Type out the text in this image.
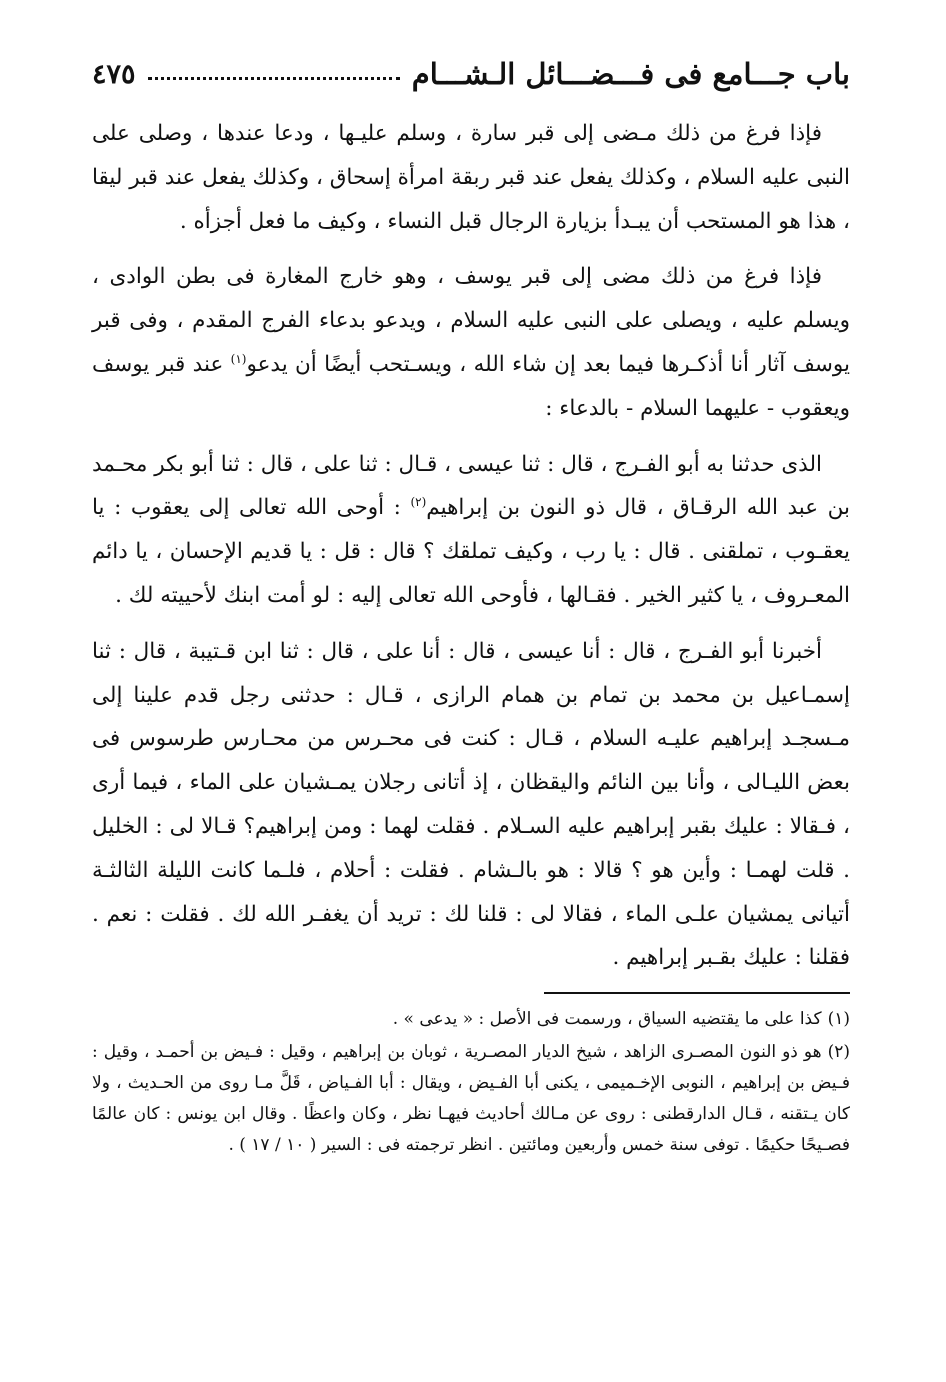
باب جـــامع فى فـــضـــائل الـشـــام
٤٧٥

فإذا فرغ من ذلك مـضى إلى قبر سارة ، وسلم عليـها ، ودعا عندها ، وصلى على النبى عليه السلام ، وكذلك يفعل عند قبر ربقة امرأة إسحاق ، وكذلك يفعل عند قبر ليقا ، هذا هو المستحب أن يبـدأ بزيارة الرجال قبل النساء ، وكيف ما فعل أجزأه .

فإذا فرغ من ذلك مضى إلى قبر يوسف ، وهو خارج المغارة فى بطن الوادى ، ويسلم عليه ، ويصلى على النبى عليه السلام ، ويدعو بدعاء الفرج المقدم ، وفى قبر يوسف آثار أنا أذكـرها فيما بعد إن شاء الله ، ويسـتحب أيضًا أن يدعو$^{(١)}$ عند قبر يوسف ويعقوب - عليهما السلام - بالدعاء :

الذى حدثنا به أبو الفـرج ، قال : ثنا عيسى ، قـال : ثنا على ، قال : ثنا أبو بكر محـمد بن عبد الله الرقـاق ، قال ذو النون بن إبراهيم$^{(٢)}$ : أوحى الله تعالى إلى يعقوب : يا يعقـوب ، تملقنى . قال : يا رب ، وكيف تملقك ؟ قال : قل : يا قديم الإحسان ، يا دائم المعـروف ، يا كثير الخير . فقـالها ، فأوحى الله تعالى إليه : لو أمت ابنك لأحييته لك .

أخبرنا أبو الفـرج ، قال : أنا عيسى ، قال : أنا على ، قال : ثنا ابن قـتيبة ، قال : ثنا إسمـاعيل بن محمد بن تمام بن همام الرازى ، قـال : حدثنى رجل قدم علينا إلى مـسجـد إبراهيم عليـه السلام ، قـال : كنت فى محـرس من محـارس طرسوس فى بعض الليـالى ، وأنا بين النائم واليقظان ، إذ أتانى رجلان يمـشيان على الماء ، فيما أرى ، فـقالا : عليك بقبر إبراهيم عليه السـلام . فقلت لهما : ومن إبراهيم؟ قـالا لى : الخليل . قلت لهمـا : وأين هو ؟ قالا : هو بالـشام . فقلت : أحلام ، فلـما كانت الليلة الثالثـة أتيانى يمشيان علـى الماء ، فقالا لى : قلنا لك : تريد أن يغفـر الله لك . فقلت : نعم . فقلنا : عليك بقـبر إبراهيم .

(١)كذا على ما يقتضيه السياق ، ورسمت فى الأصل : « يدعى » .

(٢)هو ذو النون المصـرى الزاهد ، شيخ الديار المصـرية ، ثوبان بن إبراهيم ، وقيل : فـيض بن أحمـد ، وقيل : فـيض بن إبراهيم ، النوبى الإخـميمى ، يكنى أبا الفـيض ، ويقال : أبا الفـياض ، قَلَّ مـا روى من الحـديث ، ولا كان يـتقنه ، قـال الدارقطنى : روى عن مـالك أحاديث فيهـا نظر ، وكان واعظًا . وقال ابن يونس : كان عالمًا فصـيحًا حكيمًا . توفى سنة خمس وأربعين ومائتين . انظر ترجمته فى : السير ( ١٠ / ١٧ ) .
